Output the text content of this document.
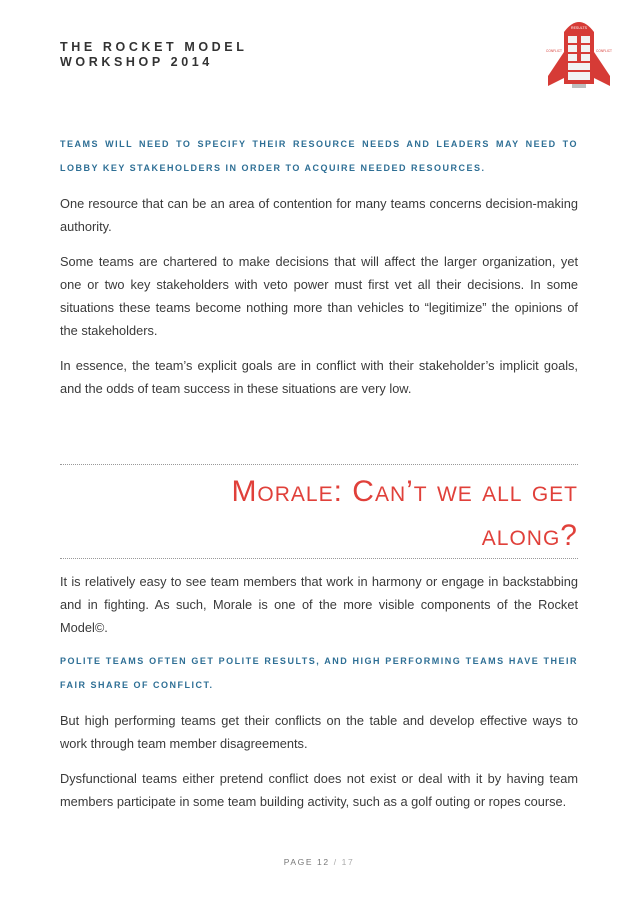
THE ROCKET MODEL
WORKSHOP 2014
RESULTS
CONFLICT	CONFLICT
TEAMS WILL NEED TO SPECIFY THEIR RESOURCE NEEDS AND LEADERS MAY NEED TO LOBBY KEY STAKEHOLDERS IN ORDER TO ACQUIRE NEEDED RESOURCES.

One resource that can be an area of contention for many teams concerns decision-making authority.

Some teams are chartered to make decisions that will affect the larger organization, yet one or two key stakeholders with veto power must first vet all their decisions. In some situations these teams become nothing more than vehicles to “legitimize” the opinions of the stakeholders.

In essence, the team’s explicit goals are in conflict with their stakeholder’s implicit goals, and the odds of team success in these situations are very low.

Morale: Can’t we all get
along?

It is relatively easy to see team members that work in harmony or engage in backstabbing and in fighting. As such, Morale is one of the more visible components of the Rocket Model©.

POLITE TEAMS OFTEN GET POLITE RESULTS, AND HIGH PERFORMING TEAMS HAVE THEIR FAIR SHARE OF CONFLICT.

But high performing teams get their conflicts on the table and develop effective ways to work through team member disagreements.

Dysfunctional teams either pretend conflict does not exist or deal with it by having team members participate in some team building activity, such as a golf outing or ropes course.

PAGE 12 / 17
